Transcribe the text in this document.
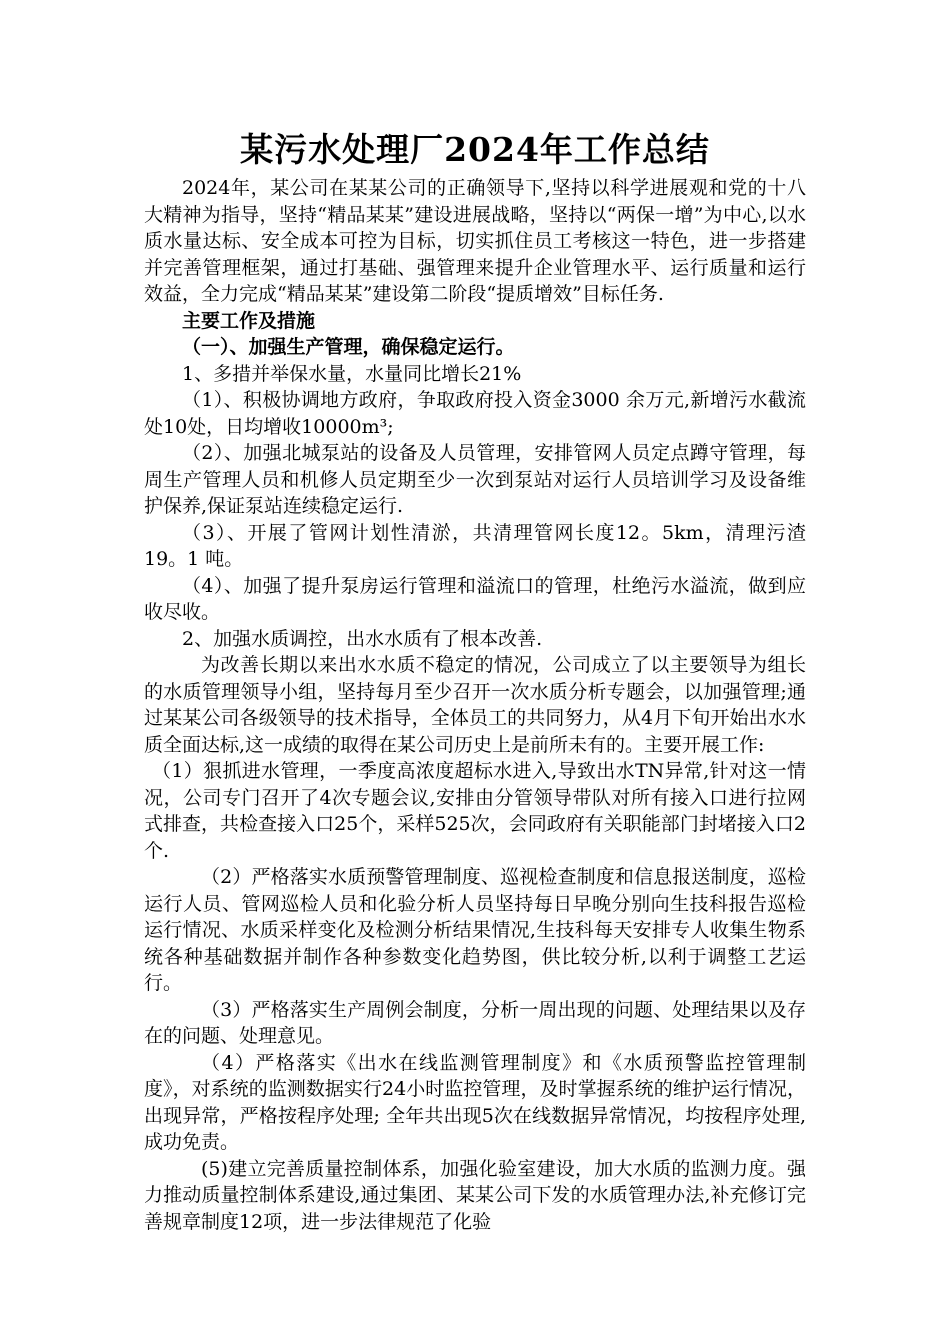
某污水处理厂2024年工作总结

2024年，某公司在某某公司的正确领导下,坚持以科学进展观和党的十八大精神为指导，坚持“精品某某”建设进展战略，坚持以“两保一增”为中心,以水质水量达标、安全成本可控为目标，切实抓住员工考核这一特色，进一步搭建并完善管理框架，通过打基础、强管理来提升企业管理水平、运行质量和运行效益，全力完成“精品某某”建设第二阶段“提质增效”目标任务.

主要工作及措施

（一）、加强生产管理，确保稳定运行。

1、多措并举保水量，水量同比增长21%

（1）、积极协调地方政府，争取政府投入资金3000 余万元,新增污水截流处10处，日均增收10000m³;

（2）、加强北城泵站的设备及人员管理，安排管网人员定点蹲守管理，每周生产管理人员和机修人员定期至少一次到泵站对运行人员培训学习及设备维护保养,保证泵站连续稳定运行.

（3）、开展了管网计划性清淤，共清理管网长度12。5km，清理污渣19。1 吨。

（4）、加强了提升泵房运行管理和溢流口的管理，杜绝污水溢流，做到应收尽收。

2、加强水质调控，出水水质有了根本改善.

为改善长期以来出水水质不稳定的情况，公司成立了以主要领导为组长的水质管理领导小组，坚持每月至少召开一次水质分析专题会，以加强管理;通过某某公司各级领导的技术指导，全体员工的共同努力，从4月下旬开始出水水质全面达标,这一成绩的取得在某公司历史上是前所未有的。主要开展工作:

（1）狠抓进水管理，一季度高浓度超标水进入,导致出水TN异常,针对这一情况，公司专门召开了4次专题会议,安排由分管领导带队对所有接入口进行拉网式排查，共检查接入口25个，采样525次，会同政府有关职能部门封堵接入口2个.

（2）严格落实水质预警管理制度、巡视检查制度和信息报送制度，巡检运行人员、管网巡检人员和化验分析人员坚持每日早晚分别向生技科报告巡检运行情况、水质采样变化及检测分析结果情况,生技科每天安排专人收集生物系统各种基础数据并制作各种参数变化趋势图，供比较分析,以利于调整工艺运行。

（3）严格落实生产周例会制度，分析一周出现的问题、处理结果以及存在的问题、处理意见。

（4）严格落实《出水在线监测管理制度》和《水质预警监控管理制度》，对系统的监测数据实行24小时监控管理，及时掌握系统的维护运行情况，出现异常，严格按程序处理; 全年共出现5次在线数据异常情况，均按程序处理,成功免责。

(5)建立完善质量控制体系，加强化验室建设，加大水质的监测力度。强力推动质量控制体系建设,通过集团、某某公司下发的水质管理办法,补充修订完善规章制度12项，进一步法律规范了化验
